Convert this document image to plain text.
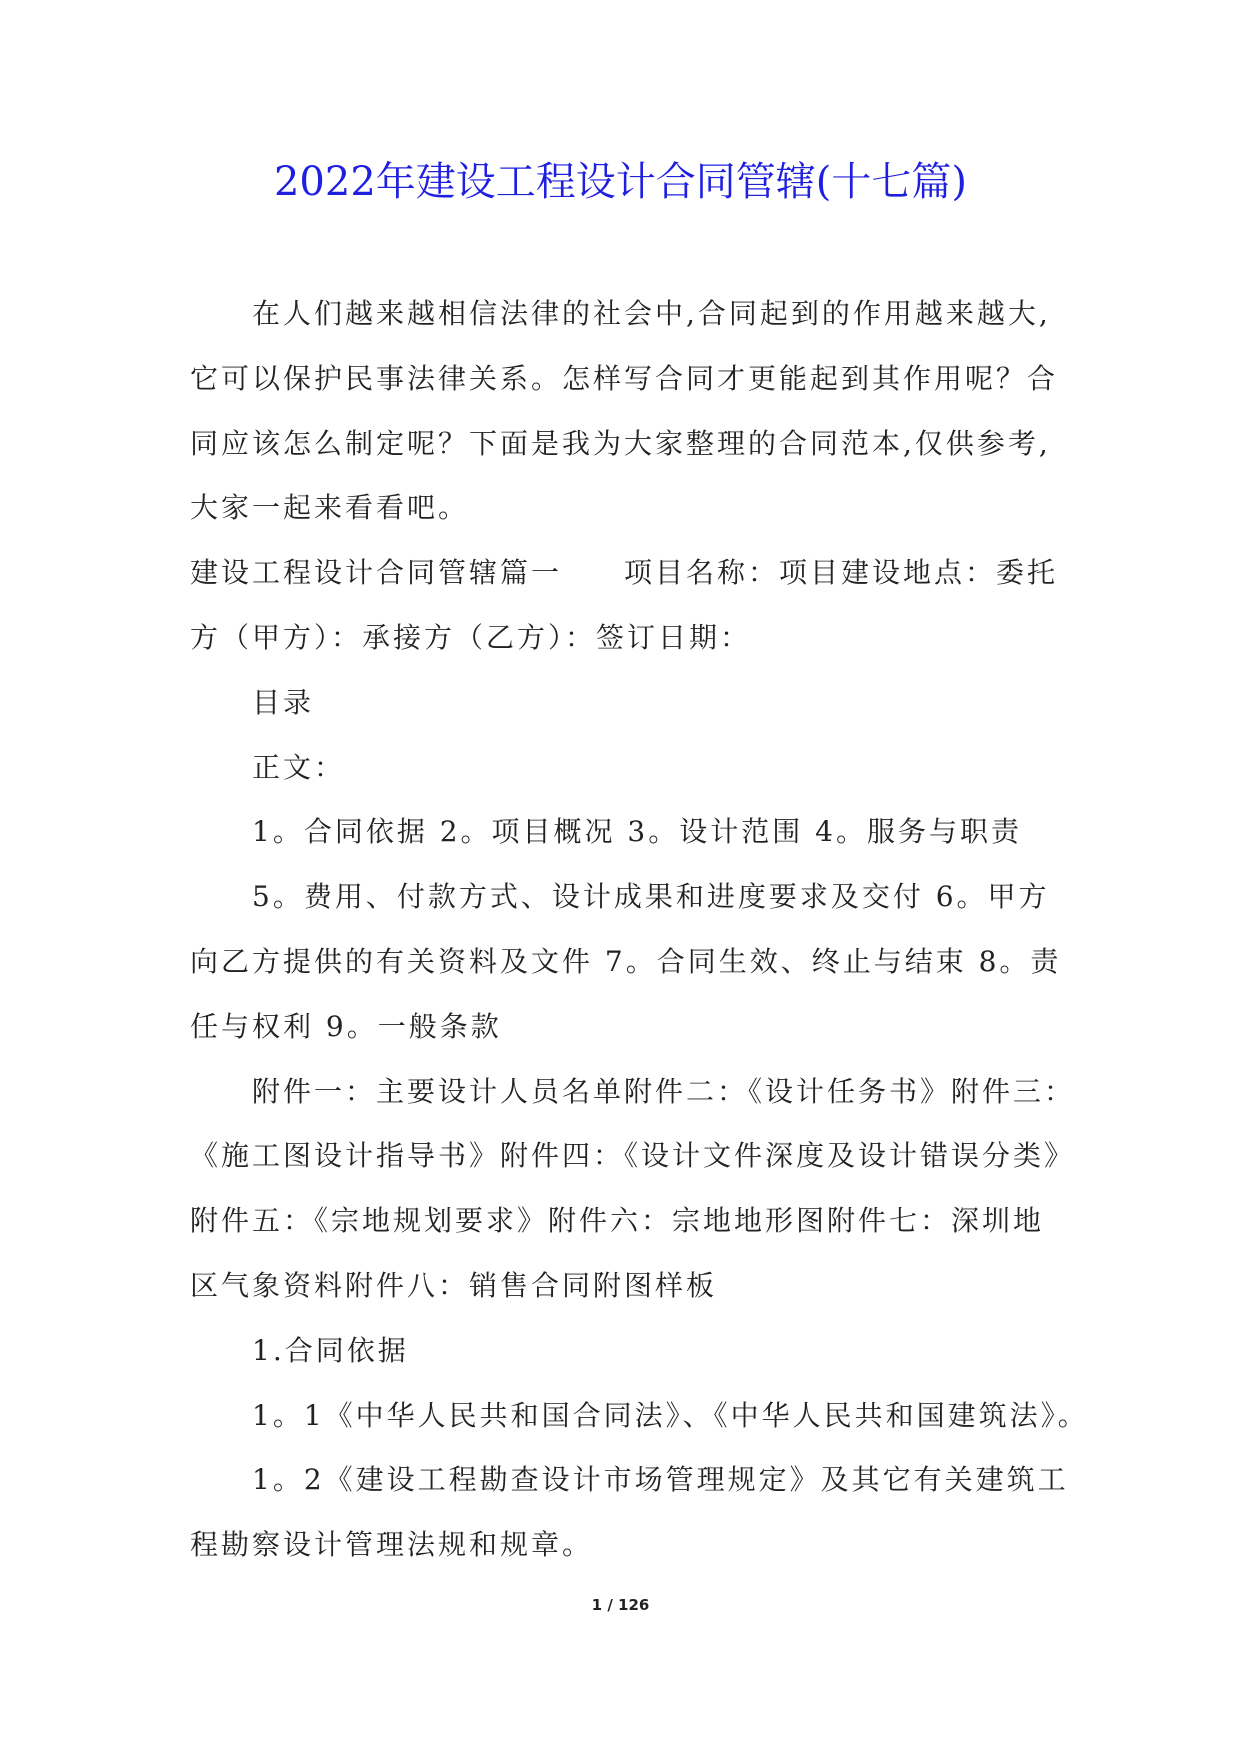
2022年建设工程设计合同管辖(十七篇)
在人们越来越相信法律的社会中,合同起到的作用越来越大,
它可以保护民事法律关系。怎样写合同才更能起到其作用呢？合
同应该怎么制定呢？下面是我为大家整理的合同范本,仅供参考,
大家一起来看看吧。
建设工程设计合同管辖篇一　　项目名称：项目建设地点：委托
方（甲方）：承接方（乙方）：签订日期：
目录
正文：
1。合同依据 2。项目概况 3。设计范围 4。服务与职责
5。费用、付款方式、设计成果和进度要求及交付 6。甲方
向乙方提供的有关资料及文件 7。合同生效、终止与结束 8。责
任与权利 9。一般条款
附件一：主要设计人员名单附件二：《设计任务书》附件三：
《施工图设计指导书》附件四：《设计文件深度及设计错误分类》
附件五：《宗地规划要求》附件六：宗地地形图附件七：深圳地
区气象资料附件八：销售合同附图样板
1.合同依据
1。1《中华人民共和国合同法》、《中华人民共和国建筑法》。
1。2《建设工程勘查设计市场管理规定》及其它有关建筑工
程勘察设计管理法规和规章。
1 / 126
